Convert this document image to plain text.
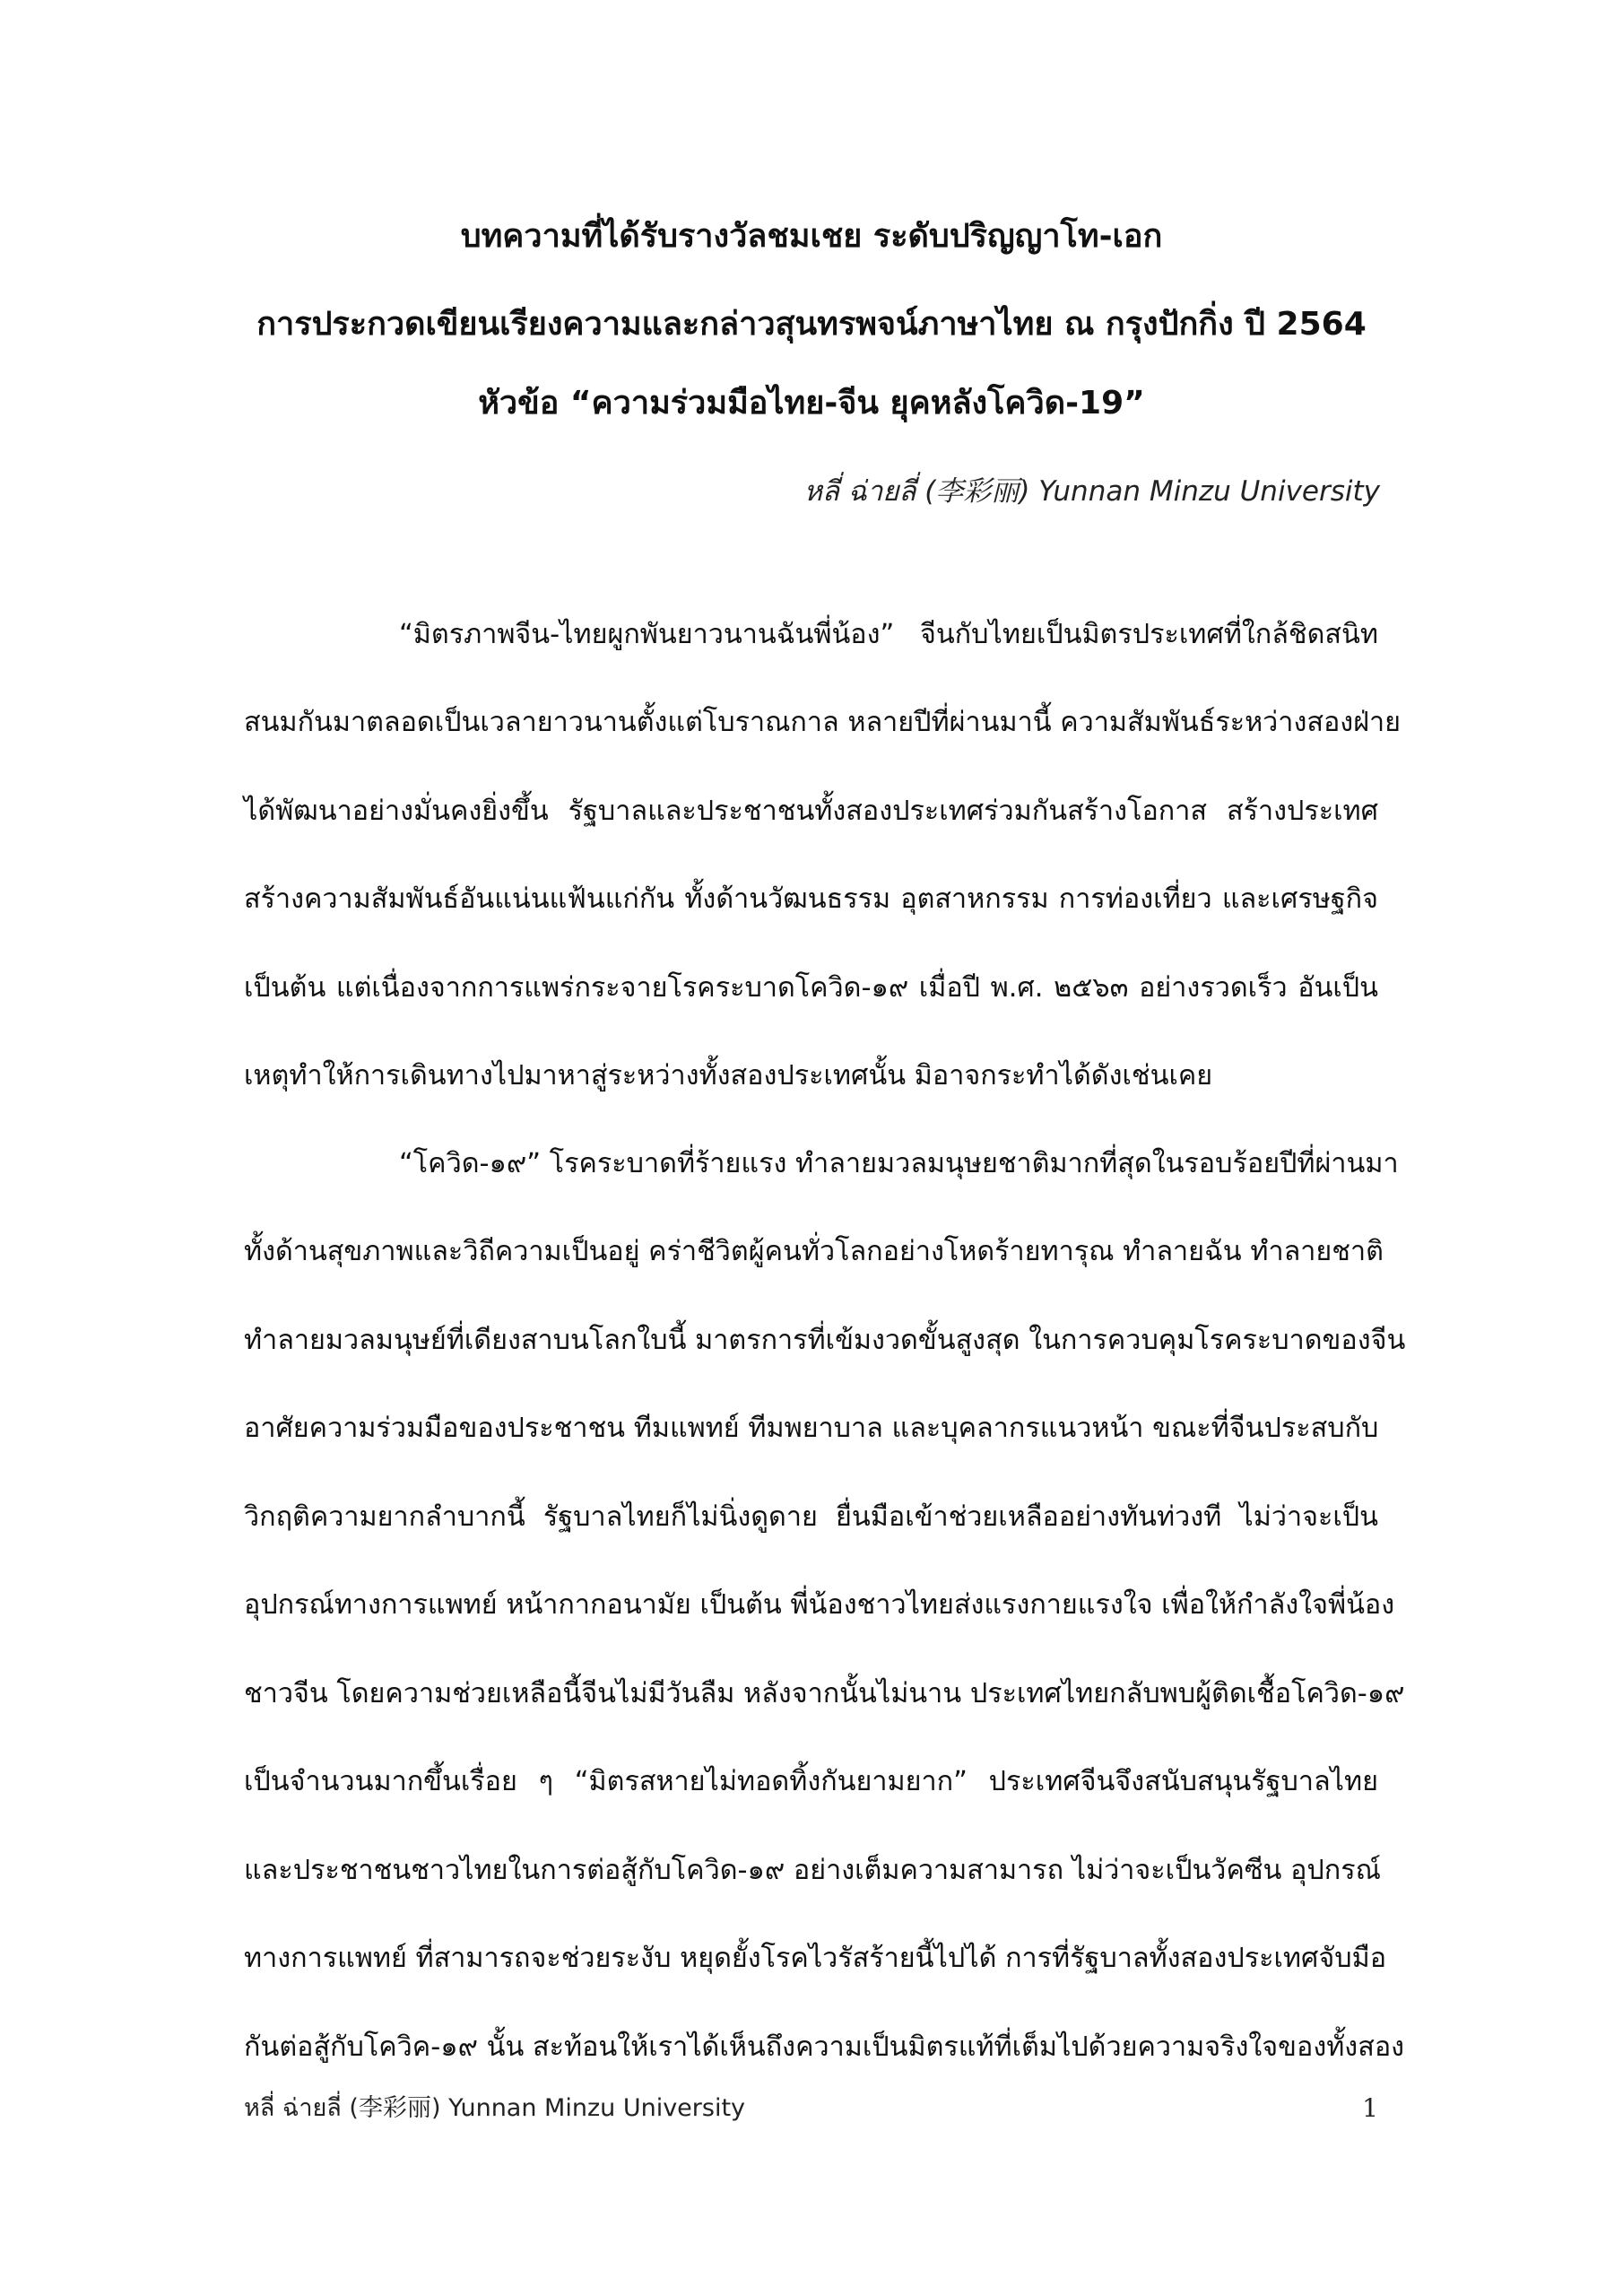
บทความที่ได้รับรางวัลชมเชย ระดับปริญญาโท-เอก
การประกวดเขียนเรียงความและกล่าวสุนทรพจน์ภาษาไทย ณ กรุงปักกิ่ง ปี 2564
หัวข้อ “ความร่วมมือไทย-จีน ยุคหลังโควิด-19”
หลี่ ฉ่ายลี่ (李彩丽) Yunnan Minzu University

“มิตรภาพจีน-ไทยผูกพันยาวนานฉันพี่น้อง” จีนกับไทยเป็นมิตรประเทศที่ใกล้ชิดสนิท

สนมกันมาตลอดเป็นเวลายาวนานตั้งแต่โบราณกาล หลายปีที่ผ่านมานี้ ความสัมพันธ์ระหว่างสองฝ่าย

ได้พัฒนาอย่างมั่นคงยิ่งขึ้น รัฐบาลและประชาชนทั้งสองประเทศร่วมกันสร้างโอกาส สร้างประเทศ

สร้างความสัมพันธ์อันแน่นแฟ้นแก่กัน ทั้งด้านวัฒนธรรม อุตสาหกรรม การท่องเที่ยว และเศรษฐกิจ

เป็นต้น แต่เนื่องจากการแพร่กระจายโรคระบาดโควิด-๑๙ เมื่อปี พ.ศ. ๒๕๖๓ อย่างรวดเร็ว อันเป็น

เหตุทำให้การเดินทางไปมาหาสู่ระหว่างทั้งสองประเทศนั้น มิอาจกระทำได้ดังเช่นเคย

“โควิด-๑๙” โรคระบาดที่ร้ายแรง ทำลายมวลมนุษยชาติมากที่สุดในรอบร้อยปีที่ผ่านมา

ทั้งด้านสุขภาพและวิถีความเป็นอยู่ คร่าชีวิตผู้คนทั่วโลกอย่างโหดร้ายทารุณ ทำลายฉัน ทำลายชาติ

ทำลายมวลมนุษย์ที่เดียงสาบนโลกใบนี้ มาตรการที่เข้มงวดขั้นสูงสุด ในการควบคุมโรคระบาดของจีน

อาศัยความร่วมมือของประชาชน ทีมแพทย์ ทีมพยาบาล และบุคลากรแนวหน้า ขณะที่จีนประสบกับ

วิกฤติความยากลำบากนี้ รัฐบาลไทยก็ไม่นิ่งดูดาย ยื่นมือเข้าช่วยเหลืออย่างทันท่วงที ไม่ว่าจะเป็น

อุปกรณ์ทางการแพทย์ หน้ากากอนามัย เป็นต้น พี่น้องชาวไทยส่งแรงกายแรงใจ เพื่อให้กำลังใจพี่น้อง

ชาวจีน โดยความช่วยเหลือนี้จีนไม่มีวันลืม หลังจากนั้นไม่นาน ประเทศไทยกลับพบผู้ติดเชื้อโควิด-๑๙

เป็นจำนวนมากขึ้นเรื่อย ๆ “มิตรสหายไม่ทอดทิ้งกันยามยาก” ประเทศจีนจึงสนับสนุนรัฐบาลไทย

และประชาชนชาวไทยในการต่อสู้กับโควิด-๑๙ อย่างเต็มความสามารถ ไม่ว่าจะเป็นวัคซีน อุปกรณ์

ทางการแพทย์ ที่สามารถจะช่วยระงับ หยุดยั้งโรคไวรัสร้ายนี้ไปได้ การที่รัฐบาลทั้งสองประเทศจับมือ

กันต่อสู้กับโควิค-๑๙ นั้น สะท้อนให้เราได้เห็นถึงความเป็นมิตรแท้ที่เต็มไปด้วยความจริงใจของทั้งสอง

หลี่ ฉ่ายลี่ (李彩丽) Yunnan Minzu University	1
